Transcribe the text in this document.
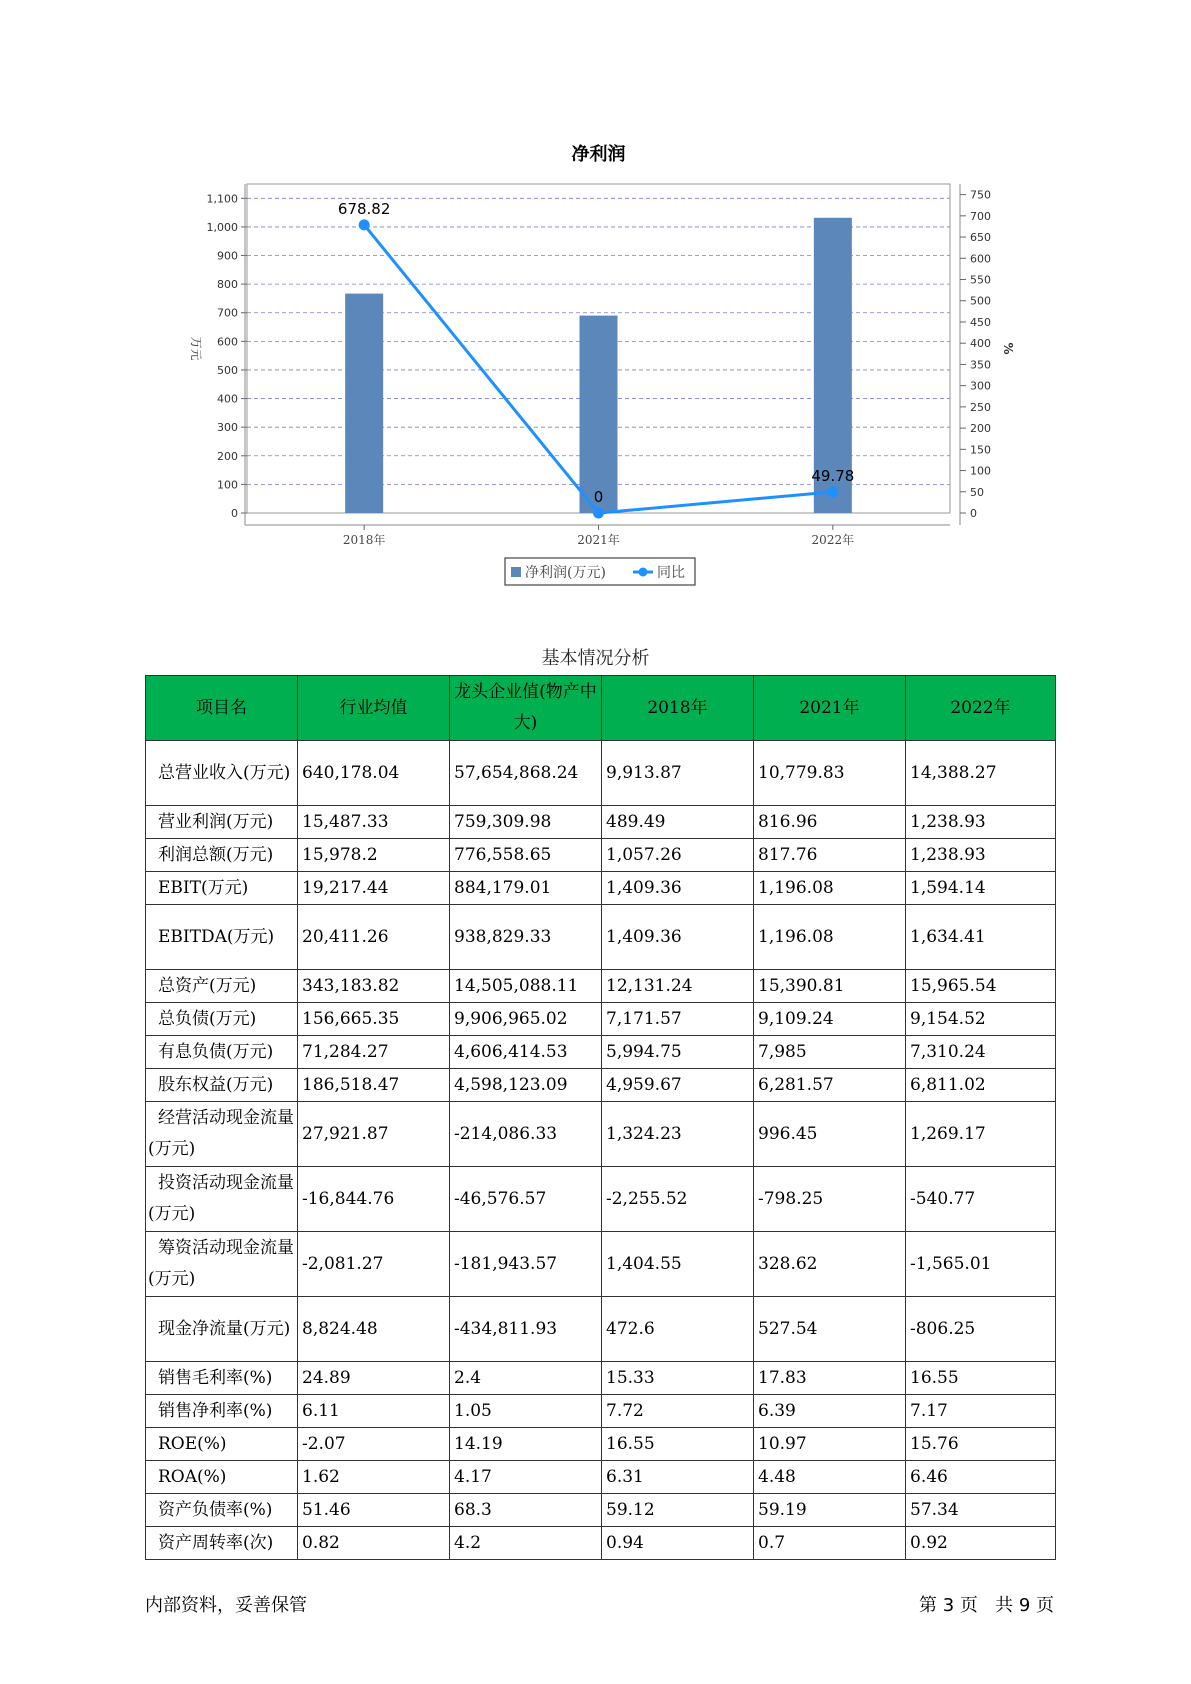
净利润
0
100
200
300
400
500
600
700
800
900
1,000
1,100
万元
0
50
100
150
200
250
300
350
400
450
500
550
600
650
700
750
%
2018年	2021年	2022年
678.82
0
49.78
净利润(万元)	同比
基本情况分析
项目名	行业均值	龙头企业值(物产中大)	2018年	2021年	2022年
总营业收入(万元)	640,178.04	57,654,868.24	9,913.87	10,779.83	14,388.27
营业利润(万元)	15,487.33	759,309.98	489.49	816.96	1,238.93
利润总额(万元)	15,978.2	776,558.65	1,057.26	817.76	1,238.93
EBIT(万元)	19,217.44	884,179.01	1,409.36	1,196.08	1,594.14
EBITDA(万元)	20,411.26	938,829.33	1,409.36	1,196.08	1,634.41
总资产(万元)	343,183.82	14,505,088.11	12,131.24	15,390.81	15,965.54
总负债(万元)	156,665.35	9,906,965.02	7,171.57	9,109.24	9,154.52
有息负债(万元)	71,284.27	4,606,414.53	5,994.75	7,985	7,310.24
股东权益(万元)	186,518.47	4,598,123.09	4,959.67	6,281.57	6,811.02
经营活动现金流量(万元)	27,921.87	-214,086.33	1,324.23	996.45	1,269.17
投资活动现金流量(万元)	-16,844.76	-46,576.57	-2,255.52	-798.25	-540.77
筹资活动现金流量(万元)	-2,081.27	-181,943.57	1,404.55	328.62	-1,565.01
现金净流量(万元)	8,824.48	-434,811.93	472.6	527.54	-806.25
销售毛利率(%)	24.89	2.4	15.33	17.83	16.55
销售净利率(%)	6.11	1.05	7.72	6.39	7.17
ROE(%)	-2.07	14.19	16.55	10.97	15.76
ROA(%)	1.62	4.17	6.31	4.48	6.46
资产负债率(%)	51.46	68.3	59.12	59.19	57.34
资产周转率(次)	0.82	4.2	0.94	0.7	0.92
内部资料，妥善保管	第 3 页 共 9 页
